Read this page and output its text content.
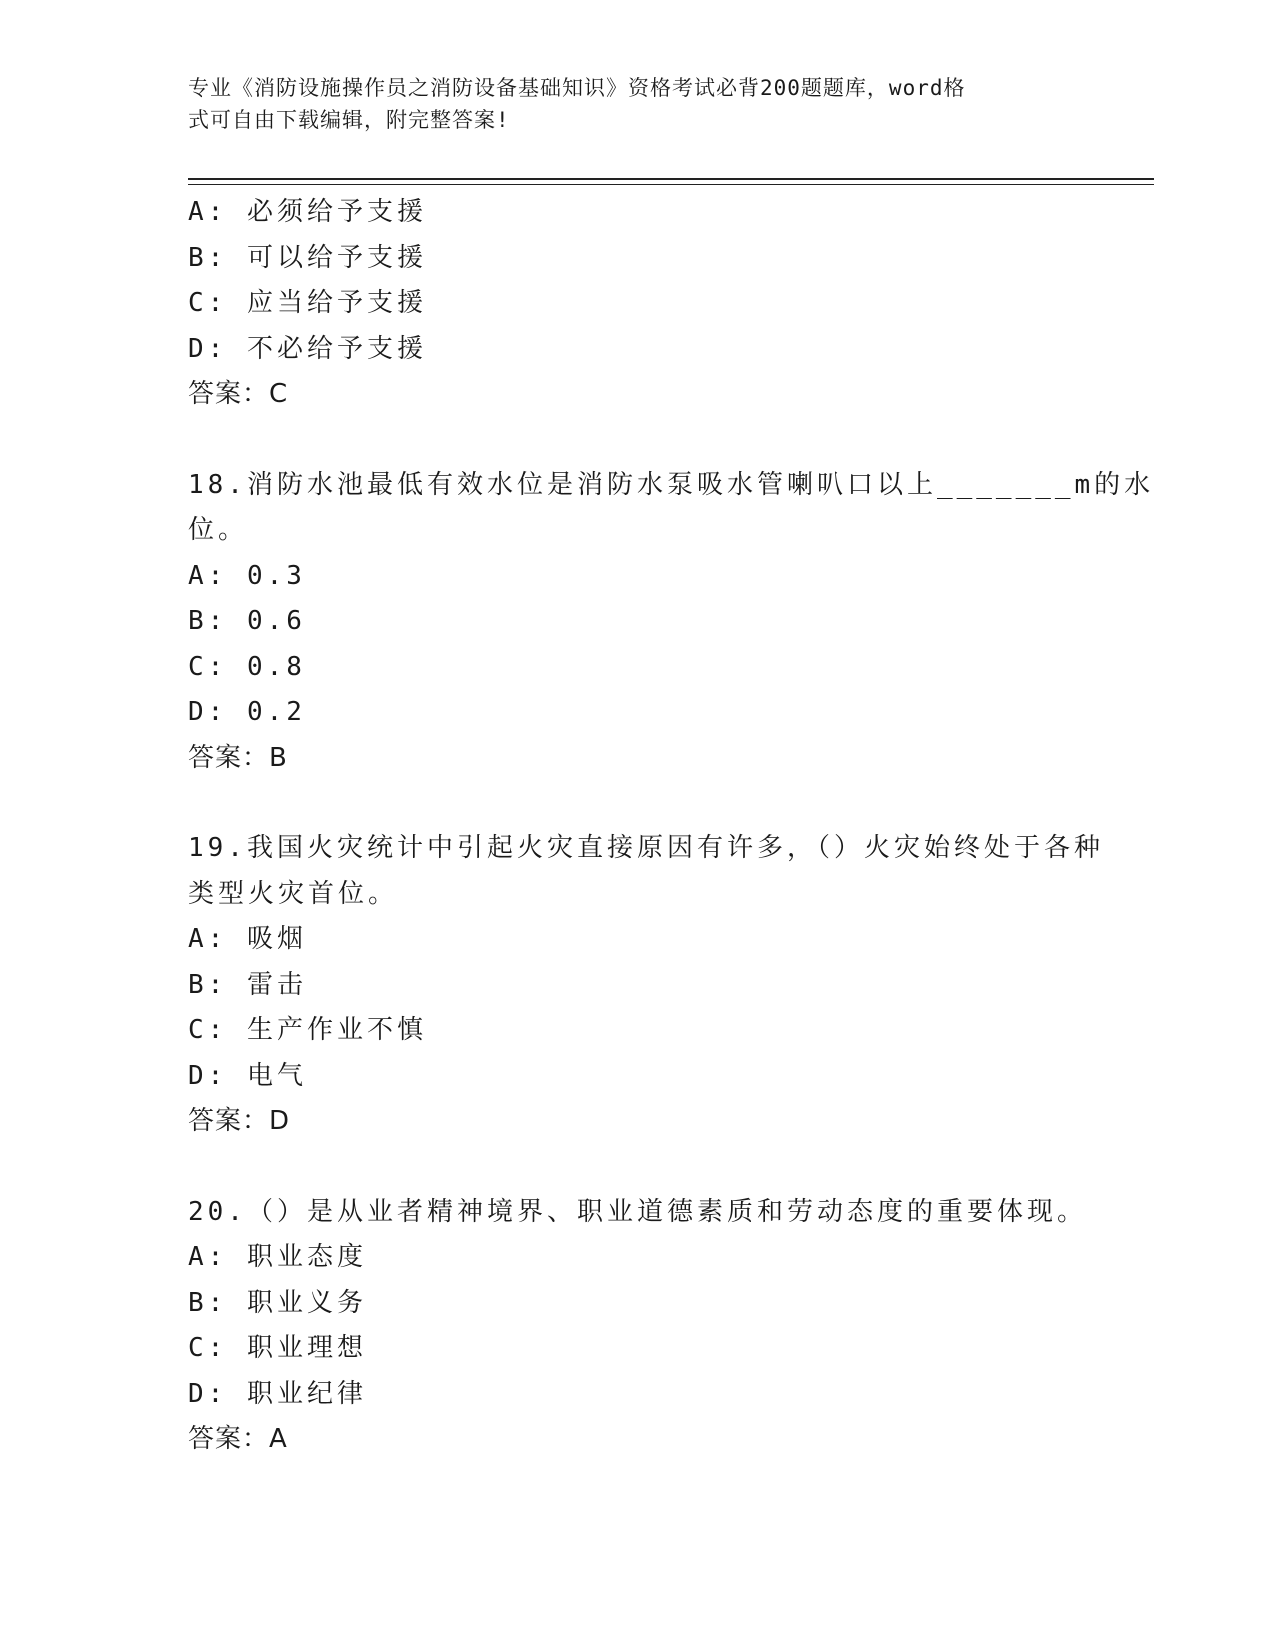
专业《消防设施操作员之消防设备基础知识》资格考试必背200题题库，word格
式可自由下载编辑，附完整答案!
A: 必须给予支援
B: 可以给予支援
C: 应当给予支援
D: 不必给予支援
答案：C
18.消防水池最低有效水位是消防水泵吸水管喇叭口以上_______m的水
位。
A: 0.3
B: 0.6
C: 0.8
D: 0.2
答案：B
19.我国火灾统计中引起火灾直接原因有许多，（）火灾始终处于各种
类型火灾首位。
A: 吸烟
B: 雷击
C: 生产作业不慎
D: 电气
答案：D
20.（）是从业者精神境界、职业道德素质和劳动态度的重要体现。
A: 职业态度
B: 职业义务
C: 职业理想
D: 职业纪律
答案：A
